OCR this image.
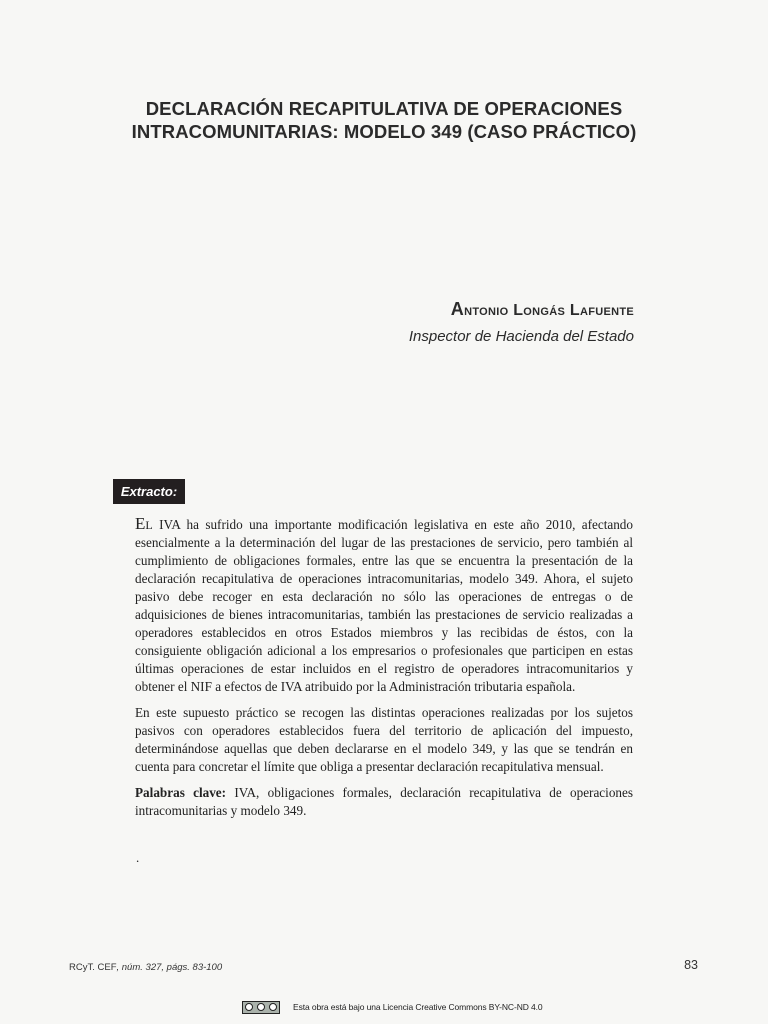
DECLARACIÓN RECAPITULATIVA DE OPERACIONES
INTRACOMUNITARIAS: MODELO 349 (CASO PRÁCTICO)
Antonio Longás Lafuente
Inspector de Hacienda del Estado
Extracto:

El IVA ha sufrido una importante modificación legislativa en este año 2010, afectando esencialmente a la determinación del lugar de las prestaciones de servicio, pero también al cumplimiento de obligaciones formales, entre las que se encuentra la presentación de la declaración recapitulativa de operaciones intracomunitarias, modelo 349. Ahora, el sujeto pasivo debe recoger en esta declaración no sólo las operaciones de entregas o de adquisiciones de bienes intracomunitarias, también las prestaciones de servicio realizadas a operadores establecidos en otros Estados miembros y las recibidas de éstos, con la consiguiente obligación adicional a los empresarios o profesionales que participen en estas últimas operaciones de estar incluidos en el registro de operadores intracomunitarios y obtener el NIF a efectos de IVA atribuido por la Administración tributaria española.

En este supuesto práctico se recogen las distintas operaciones realizadas por los sujetos pasivos con operadores establecidos fuera del territorio de aplicación del impuesto, determinándose aquellas que deben declararse en el modelo 349, y las que se tendrán en cuenta para concretar el límite que obliga a presentar declaración recapitulativa mensual.

Palabras clave: IVA, obligaciones formales, declaración recapitulativa de operaciones intracomunitarias y modelo 349.

.
RCyT. CEF, núm. 327, págs. 83-100	83
Esta obra está bajo una Licencia Creative Commons BY-NC-ND 4.0
